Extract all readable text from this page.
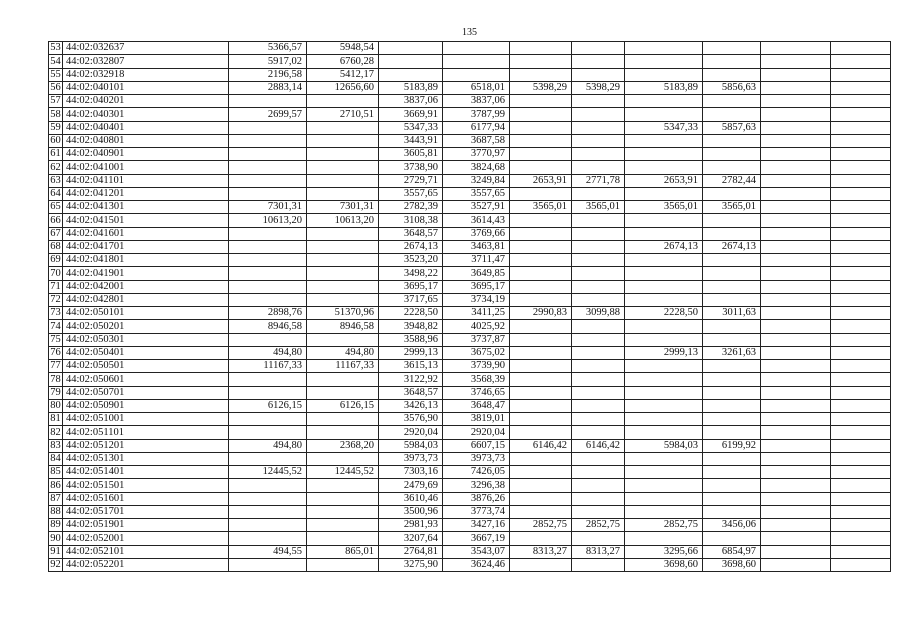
135
53	44:02:032637	5366,57	5948,54								
54	44:02:032807	5917,02	6760,28								
55	44:02:032918	2196,58	5412,17								
56	44:02:040101	2883,14	12656,60	5183,89	6518,01	5398,29	5398,29	5183,89	5856,63		
57	44:02:040201			3837,06	3837,06						
58	44:02:040301	2699,57	2710,51	3669,91	3787,99						
59	44:02:040401			5347,33	6177,94			5347,33	5857,63		
60	44:02:040801			3443,91	3687,58						
61	44:02:040901			3605,81	3770,97						
62	44:02:041001			3738,90	3824,68						
63	44:02:041101			2729,71	3249,84	2653,91	2771,78	2653,91	2782,44		
64	44:02:041201			3557,65	3557,65						
65	44:02:041301	7301,31	7301,31	2782,39	3527,91	3565,01	3565,01	3565,01	3565,01		
66	44:02:041501	10613,20	10613,20	3108,38	3614,43						
67	44:02:041601			3648,57	3769,66						
68	44:02:041701			2674,13	3463,81			2674,13	2674,13		
69	44:02:041801			3523,20	3711,47						
70	44:02:041901			3498,22	3649,85						
71	44:02:042001			3695,17	3695,17						
72	44:02:042801			3717,65	3734,19						
73	44:02:050101	2898,76	51370,96	2228,50	3411,25	2990,83	3099,88	2228,50	3011,63		
74	44:02:050201	8946,58	8946,58	3948,82	4025,92						
75	44:02:050301			3588,96	3737,87						
76	44:02:050401	494,80	494,80	2999,13	3675,02			2999,13	3261,63		
77	44:02:050501	11167,33	11167,33	3615,13	3739,90						
78	44:02:050601			3122,92	3568,39						
79	44:02:050701			3648,57	3746,65						
80	44:02:050901	6126,15	6126,15	3426,13	3648,47						
81	44:02:051001			3576,90	3819,01						
82	44:02:051101			2920,04	2920,04						
83	44:02:051201	494,80	2368,20	5984,03	6607,15	6146,42	6146,42	5984,03	6199,92		
84	44:02:051301			3973,73	3973,73						
85	44:02:051401	12445,52	12445,52	7303,16	7426,05						
86	44:02:051501			2479,69	3296,38						
87	44:02:051601			3610,46	3876,26						
88	44:02:051701			3500,96	3773,74						
89	44:02:051901			2981,93	3427,16	2852,75	2852,75	2852,75	3456,06		
90	44:02:052001			3207,64	3667,19						
91	44:02:052101	494,55	865,01	2764,81	3543,07	8313,27	8313,27	3295,66	6854,97		
92	44:02:052201			3275,90	3624,46			3698,60	3698,60		
